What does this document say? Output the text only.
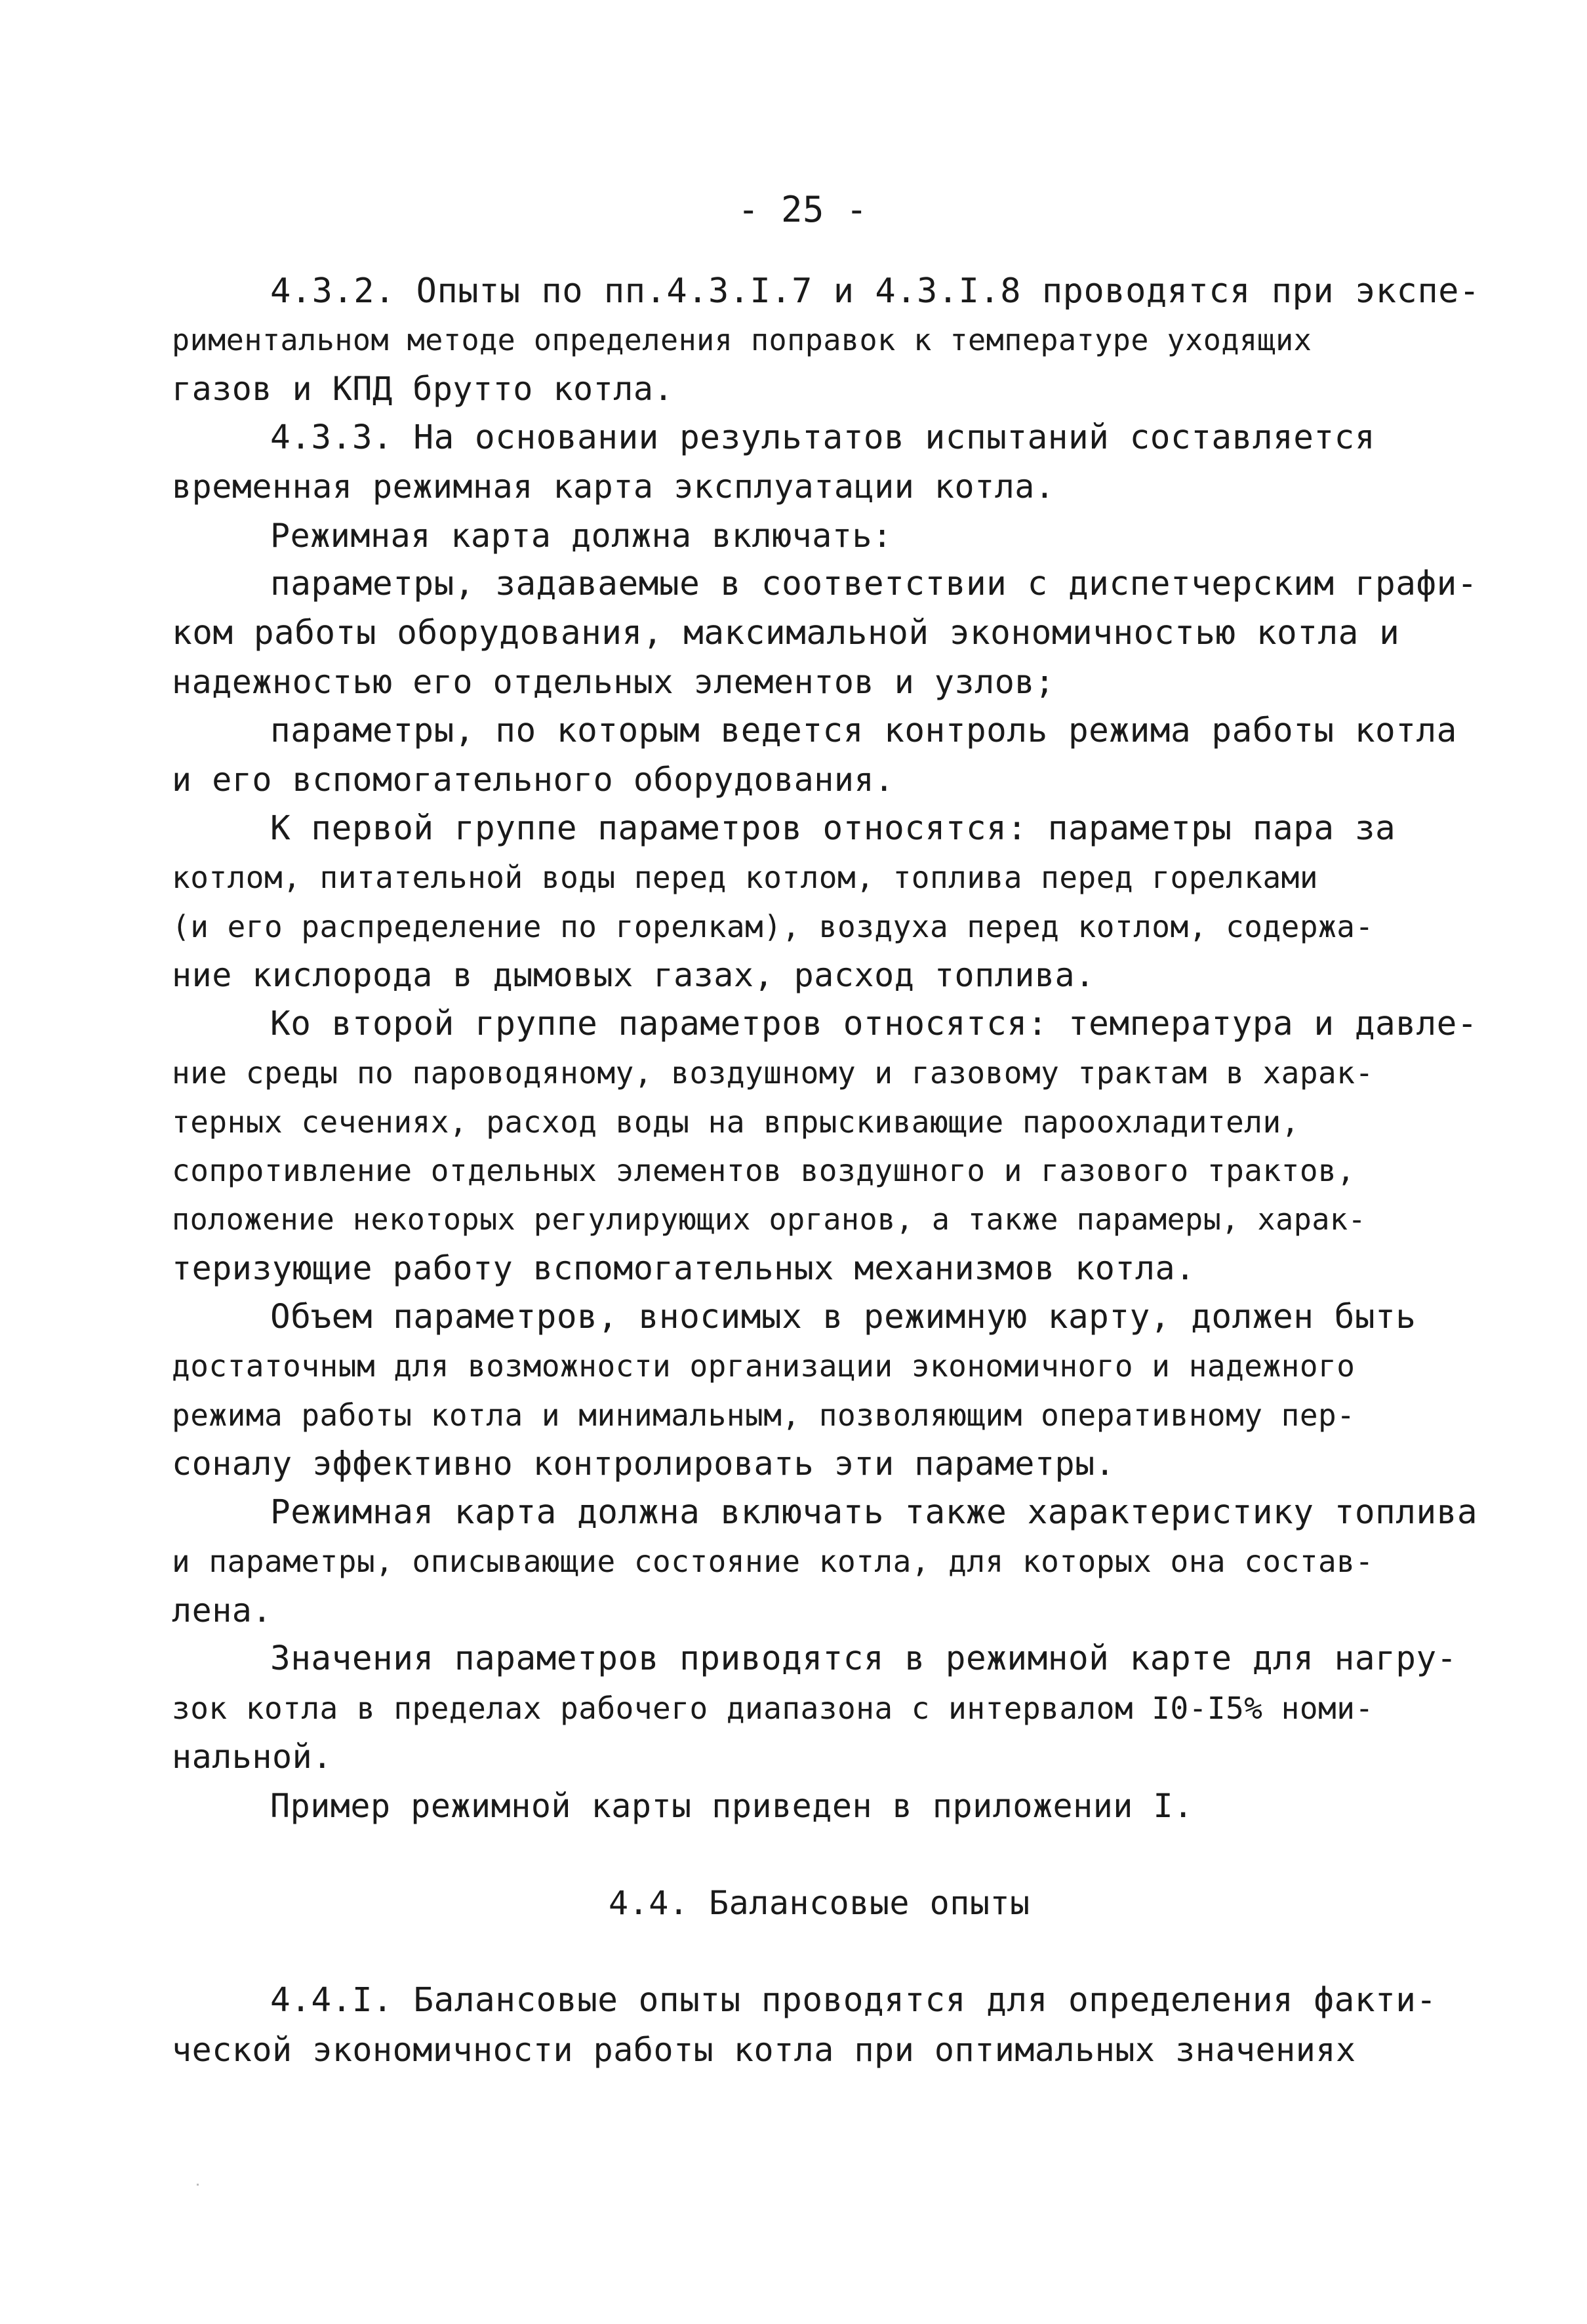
- 25 -
4.3.2. Опыты по пп.4.3.I.7 и 4.3.I.8 проводятся при экспе-
риментальном методе определения поправок к температуре уходящих
газов и КПД брутто котла.
4.3.3. На основании результатов испытаний составляется
временная режимная карта эксплуатации котла.
Режимная карта должна включать:
параметры, задаваемые в соответствии с диспетчерским графи-
ком работы оборудования, максимальной экономичностью котла и
надежностью его отдельных элементов и узлов;
параметры, по которым ведется контроль режима работы котла
и его вспомогательного оборудования.
К первой группе параметров относятся: параметры пара за
котлом, питательной воды перед котлом, топлива перед горелками
(и его распределение по горелкам), воздуха перед котлом, содержа-
ние кислорода в дымовых газах, расход топлива.
Ко второй группе параметров относятся: температура и давле-
ние среды по пароводяному, воздушному и газовому трактам в харак-
терных сечениях, расход воды на впрыскивающие пароохладители,
сопротивление отдельных элементов воздушного и газового трактов,
положение некоторых регулирующих органов, а также парамеры, харак-
теризующие работу вспомогательных механизмов котла.
Объем параметров, вносимых в режимную карту, должен быть
достаточным для возможности организации экономичного и надежного
режима работы котла и минимальным, позволяющим оперативному пер-
соналу эффективно контролировать эти параметры.
Режимная карта должна включать также характеристику топлива
и параметры, описывающие состояние котла, для которых она состав-
лена.
Значения параметров приводятся в режимной карте для нагру-
зок котла в пределах рабочего диапазона с интервалом I0-I5% номи-
нальной.
Пример режимной карты приведен в приложении I.
4.4. Балансовые опыты
4.4.I. Балансовые опыты проводятся для определения факти-
ческой экономичности работы котла при оптимальных значениях
